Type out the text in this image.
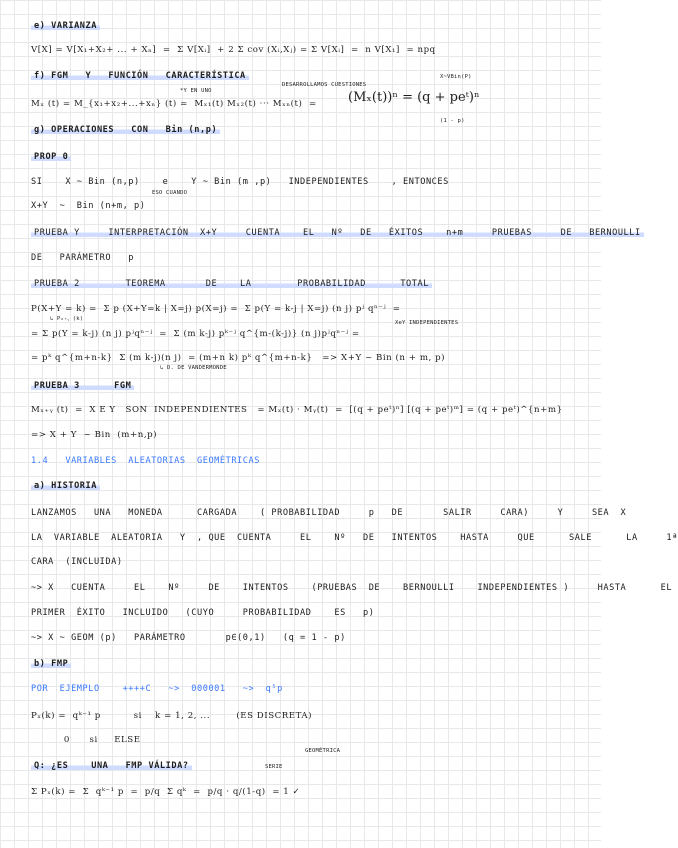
e) VARIANZA
V[X] = V[X₁+X₂+ ... + Xₙ]  =  Σ V[Xᵢ]  + 2 Σ cov (Xᵢ,Xⱼ) = Σ V[Xᵢ]  =  n V[X₁]  = npq
f) FGM   Y   FUNCIÓN   CARACTERÍSTICA
*Y EN UNO
DESARROLLAMOS CUESTIONES
X~VBin(P)
Mₓ (t) = M_{x₁+x₂+...+xₙ} (t) =  Mₓ₁(t) Mₓ₂(t) ··· Mₓₙ(t)  = (Mₓ(t))ⁿ = (q + peᵗ)ⁿ
(1 - p)
g) OPERACIONES   CON   Bin (n,p)
PROP 0
SI    X ~ Bin (n,p)    e    Y ~ Bin (m ,p)   INDEPENDIENTES    , ENTONCES
ESO CUANDO
X+Y  ~  Bin (n+m, p)
PRUEBA Y     INTERPRETACIÓN  X+Y     CUENTA    EL   Nº   DE   ÉXITOS    n+m     PRUEBAS     DE   BERNOULLI
DE   PARÁMETRO   p
PRUEBA 2        TEOREMA       DE    LA        PROBABILIDAD      TOTAL
P(X+Y = k) =  Σ p (X+Y=k | X=j) p(X=j) =  Σ p(Y = k-j | X=j) (n j) pʲ qⁿ⁻ʲ  =
↳ Pₓ₊ᵧ (k)
= Σ p(Y = k-j) (n j) pʲqⁿ⁻ʲ  =  Σ (m k-j) pᵏ⁻ʲ q^{m-(k-j)} (n j)pʲqⁿ⁻ʲ =
XeY INDEPENDIENTES
= pᵏ q^{m+n-k}  Σ (m k-j)(n j)  = (m+n k) pᵏ q^{m+n-k}   => X+Y ~ Bin (n + m, p)
↳ D. DE VANDERMONDE
PRUEBA 3      FGM
Mₓ₊ᵧ (t)  =  X E Y   SON  INDEPENDIENTES   = Mₓ(t) · Mᵧ(t)  =  [(q + peᵗ)ⁿ] [(q + peᵗ)ᵐ] = (q + peᵗ)^{n+m}
=> X + Y  ~ Bin  (m+n,p)
1.4   VARIABLES  ALEATORIAS  GEOMÉTRICAS
a) HISTORIA
LANZAMOS   UNA   MONEDA      CARGADA    ( PROBABILIDAD     p   DE       SALIR     CARA)     Y     SEA  X
LA  VARIABLE  ALEATORIA   Y  , QUE  CUENTA     EL    Nº   DE   INTENTOS    HASTA     QUE      SALE      LA     1ª
CARA  (INCLUIDA)
~> X   CUENTA     EL    Nº     DE    INTENTOS    (PRUEBAS  DE    BERNOULLI    INDEPENDIENTES )     HASTA      EL
PRIMER  ÉXITO   INCLUIDO   (CUYO     PROBABILIDAD    ES   p)
~> X ~ GEOM (p)   PARÁMETRO       p∈(0,1)   (q = 1 - p)
b) FMP
POR  EJEMPLO    ++++C   ~>  000001   ~>  q⁵p
Pₓ(k) =  qᵏ⁻¹ p          si    k = 1, 2, ...        (ES DISCRETA)
0      si     ELSE
Q: ¿ES    UNA   FMP VÁLIDA?	SERIE
GEOMÉTRICA
Σ Pₓ(k) =  Σ  qᵏ⁻¹ p  =  p/q  Σ qᵏ  =  p/q · q/(1-q)  = 1 ✓
